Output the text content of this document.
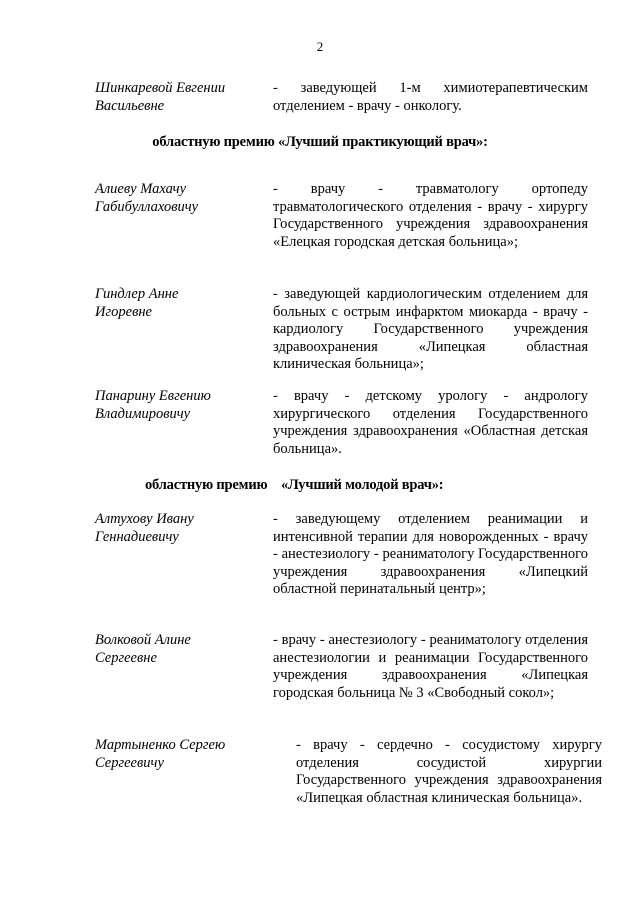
2
Шинкаревой Евгении
Васильевне
- заведующей 1-м химиотерапевтическим отделением - врачу - онкологу.
областную премию «Лучший практикующий врач»:
Алиеву Махачу
Габибуллаховичу
- врачу - травматологу ортопеду травматологического отделения - врачу - хирургу Государственного учреждения здравоохранения «Елецкая городская детская больница»;
Гиндлер Анне
Игоревне
- заведующей кардиологическим отделением для больных с острым инфарктом миокарда - врачу - кардиологу Государственного учреждения здравоохранения «Липецкая областная клиническая больница»;
Панарину Евгению
Владимировичу
- врачу - детскому урологу - андрологу хирургического отделения Государственного учреждения здравоохранения «Областная детская больница».
областную премию «Лучший молодой врач»:
Алтухову Ивану
Геннадиевичу
- заведующему отделением реанимации и интенсивной терапии для новорожденных - врачу - анестезиологу - реаниматологу Государственного учреждения здравоохранения «Липецкий областной перинатальный центр»;
Волковой Алине
Сергеевне
- врачу - анестезиологу - реаниматологу отделения анестезиологии и реанимации Государственного учреждения здравоохранения «Липецкая городская больница № 3 «Свободный сокол»;
Мартыненко Сергею
Сергеевичу
- врачу - сердечно - сосудистому хирургу отделения сосудистой хирургии Государственного учреждения здравоохранения «Липецкая областная клиническая больница».
